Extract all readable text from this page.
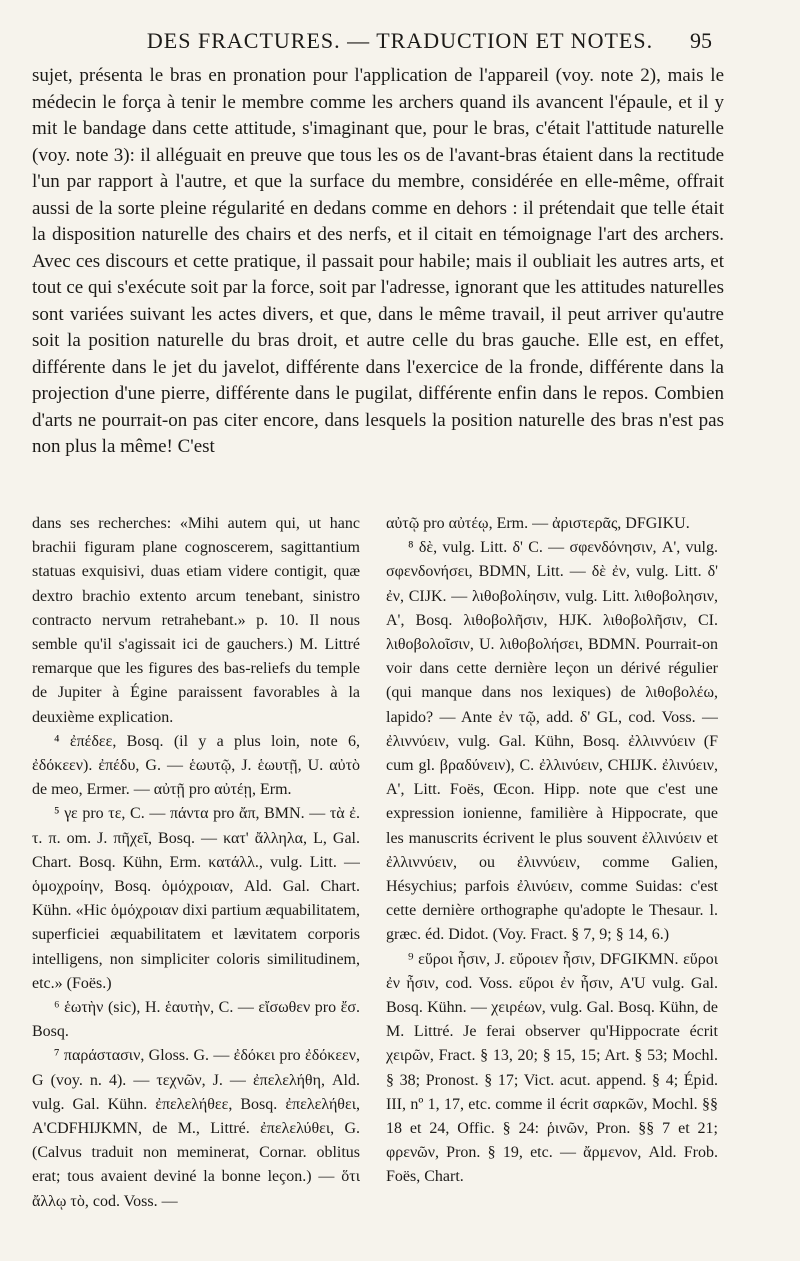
DES FRACTURES. — TRADUCTION ET NOTES.	95

sujet, présenta le bras en pronation pour l'application de l'appareil (voy. note 2), mais le médecin le força à tenir le membre comme les archers quand ils avancent l'épaule, et il y mit le bandage dans cette attitude, s'imaginant que, pour le bras, c'était l'attitude naturelle (voy. note 3): il alléguait en preuve que tous les os de l'avant-bras étaient dans la rectitude l'un par rapport à l'autre, et que la surface du membre, considérée en elle-même, offrait aussi de la sorte pleine régularité en dedans comme en dehors : il prétendait que telle était la disposition naturelle des chairs et des nerfs, et il citait en témoignage l'art des archers. Avec ces discours et cette pratique, il passait pour habile; mais il oubliait les autres arts, et tout ce qui s'exécute soit par la force, soit par l'adresse, ignorant que les attitudes naturelles sont variées suivant les actes divers, et que, dans le même travail, il peut arriver qu'autre soit la position naturelle du bras droit, et autre celle du bras gauche. Elle est, en effet, différente dans le jet du javelot, différente dans l'exercice de la fronde, différente dans la projection d'une pierre, différente dans le pugilat, différente enfin dans le repos. Combien d'arts ne pourrait-on pas citer encore, dans lesquels la position naturelle des bras n'est pas non plus la même! C'est

dans ses recherches: «Mihi autem qui, ut hanc brachii figuram plane cognoscerem, sagittantium statuas exquisivi, duas etiam videre contigit, quæ dextro brachio extento arcum tenebant, sinistro contracto nervum retrahebant.» p. 10. Il nous semble qu'il s'agissait ici de gauchers.) M. Littré remarque que les figures des bas-reliefs du temple de Jupiter à Égine paraissent favorables à la deuxième explication.

⁴ ἐπέδεε, Bosq. (il y a plus loin, note 6, ἐδόκεεν). ἐπέδυ, G. — ἑωυτῷ, J. ἑωυτῇ, U. αὐτὸ de meo, Ermer. — αὐτῇ pro αὐτέῃ, Erm.

⁵ γε pro τε, C. — πάντα pro ἄπ, BMN. — τὰ ἐ. τ. π. om. J. πῆχεῖ, Bosq. — κατ' ἄλληλα, L, Gal. Chart. Bosq. Kühn, Erm. κατάλλ., vulg. Litt. — ὁμοχροίην, Bosq. ὁμόχροιαν, Ald. Gal. Chart. Kühn. «Hic ὁμόχροιαν dixi partium æquabilitatem, superficiei æquabilitatem et lævitatem corporis intelligens, non simpliciter coloris similitudinem, etc.» (Foës.)

⁶ ἑωτὴν (sic), H. ἑαυτὴν, C. — εἴσωθεν pro ἔσ. Bosq.

⁷ παράστασιν, Gloss. G. — ἐδόκει pro ἐδόκεεν, G (voy. n. 4). — τεχνῶν, J. — ἐπελελήθη, Ald. vulg. Gal. Kühn. ἐπελελήθεε, Bosq. ἐπελελήθει, A'CDFHIJKMN, de M., Littré. ἐπελελύθει, G. (Calvus traduit non meminerat, Cornar. oblitus erat; tous avaient deviné la bonne leçon.) — ὅτι ἄλλῳ τὸ, cod. Voss. —

αὐτῷ pro αὐτέῳ, Erm. — ἀριστερᾶς, DFGIKU.

⁸ δὲ, vulg. Litt. δ' C. — σφενδόνησιν, A', vulg. σφενδονήσει, BDMN, Litt. — δὲ ἐν, vulg. Litt. δ' ἐν, CIJK. — λιθοβολίησιν, vulg. Litt. λιθοβολησιν, A', Bosq. λιθοβολῆσιν, HJK. λιθοβολῆσιν, CI. λιθοβολοῖσιν, U. λιθοβολήσει, BDMN. Pourrait-on voir dans cette dernière leçon un dérivé régulier (qui manque dans nos lexiques) de λιθοβολέω, lapido? — Ante ἐν τῷ, add. δ' GL, cod. Voss. — ἐλιννύειν, vulg. Gal. Kühn, Bosq. ἐλλιννύειν (F cum gl. βραδύνειν), C. ἐλλινύειν, CHIJK. ἐλινύειν, A', Litt. Foës, Œcon. Hipp. note que c'est une expression ionienne, familière à Hippocrate, que les manuscrits écrivent le plus souvent ἐλλινύειν et ἐλλιννύειν, ou ἐλιννύειν, comme Galien, Hésychius; parfois ἐλινύειν, comme Suidas: c'est cette dernière orthographe qu'adopte le Thesaur. l. græc. éd. Didot. (Voy. Fract. § 7, 9; § 14, 6.)

⁹ εὕροι ἦσιν, J. εὔροιεν ἦσιν, DFGIKMN. εὕροι ἐν ἦσιν, cod. Voss. εὕροι ἐν ἦσιν, A'U vulg. Gal. Bosq. Kühn. — χειρέων, vulg. Gal. Bosq. Kühn, de M. Littré. Je ferai observer qu'Hippocrate écrit χειρῶν, Fract. § 13, 20; § 15, 15; Art. § 53; Mochl. § 38; Pronost. § 17; Vict. acut. append. § 4; Épid. III, nº 1, 17, etc. comme il écrit σαρκῶν, Mochl. §§ 18 et 24, Offic. § 24: ῥινῶν, Pron. §§ 7 et 21; φρενῶν, Pron. § 19, etc. — ἄρμενον, Ald. Frob. Foës, Chart.
